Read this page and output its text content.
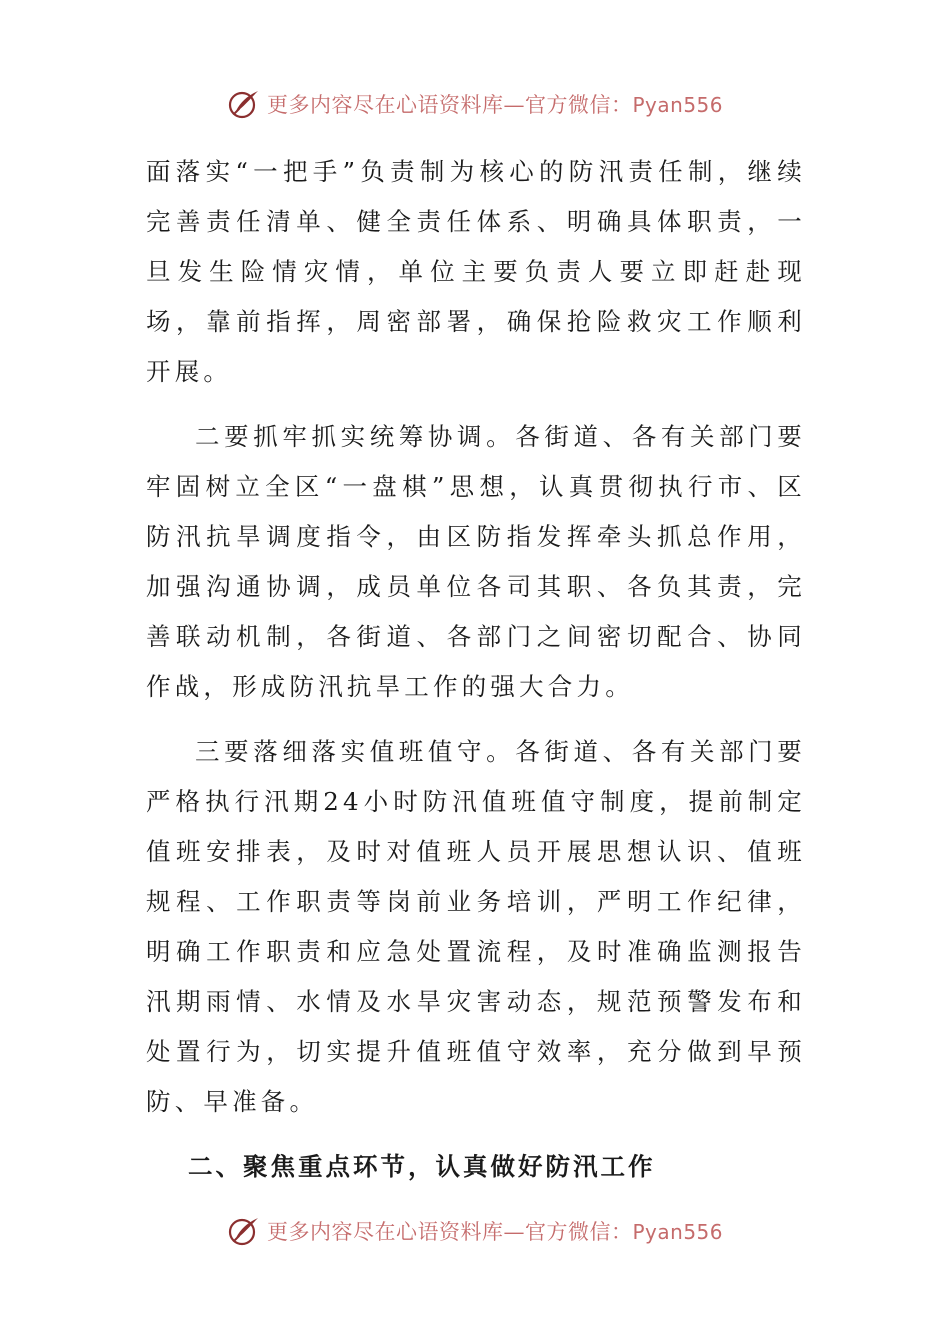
更多内容尽在心语资料库—官方微信：Pyan556

面落实“一把手”负责制为核心的防汛责任制，继续完善责任清单、健全责任体系、明确具体职责，一旦发生险情灾情，单位主要负责人要立即赶赴现场，靠前指挥，周密部署，确保抢险救灾工作顺利开展。

二要抓牢抓实统筹协调。各街道、各有关部门要牢固树立全区“一盘棋”思想，认真贯彻执行市、区防汛抗旱调度指令，由区防指发挥牵头抓总作用，加强沟通协调，成员单位各司其职、各负其责，完善联动机制，各街道、各部门之间密切配合、协同作战，形成防汛抗旱工作的强大合力。

三要落细落实值班值守。各街道、各有关部门要严格执行汛期24小时防汛值班值守制度，提前制定值班安排表，及时对值班人员开展思想认识、值班规程、工作职责等岗前业务培训，严明工作纪律，明确工作职责和应急处置流程，及时准确监测报告汛期雨情、水情及水旱灾害动态，规范预警发布和处置行为，切实提升值班值守效率，充分做到早预防、早准备。

二、聚焦重点环节，认真做好防汛工作

更多内容尽在心语资料库—官方微信：Pyan556
